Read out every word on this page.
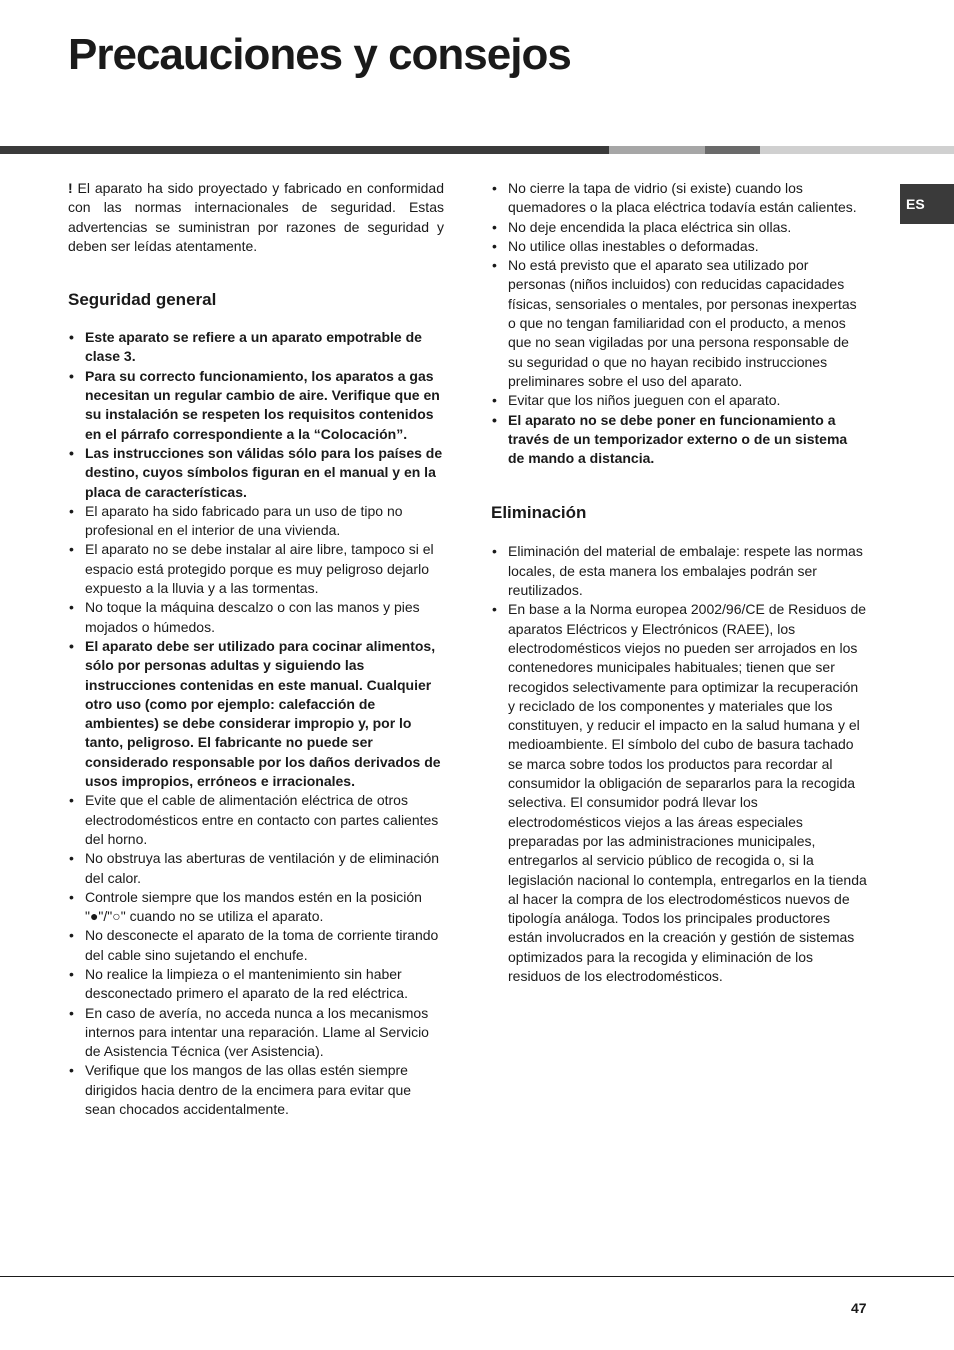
Precauciones y consejos
ES

! El aparato ha sido proyectado y fabricado en conformidad con las normas internacionales de seguridad. Estas advertencias se suministran por razones de seguridad y deben ser leídas atentamente.

Seguridad general
• Este aparato se refiere a un aparato empotrable de clase 3.
• Para su correcto funcionamiento, los aparatos a gas necesitan un regular cambio de aire. Verifique que en su instalación se respeten los requisitos contenidos en el párrafo correspondiente a la “Colocación”.
• Las instrucciones son válidas sólo para los países de destino, cuyos símbolos figuran en el manual y en la placa de características.
• El aparato ha sido fabricado para un uso de tipo no profesional en el interior de una vivienda.
• El aparato no se debe instalar al aire libre, tampoco si el espacio está protegido porque es muy peligroso dejarlo expuesto a la lluvia y a las tormentas.
• No toque la máquina descalzo o con las manos y pies mojados o húmedos.
• El aparato debe ser utilizado para cocinar alimentos, sólo por personas adultas y siguiendo las instrucciones contenidas en este manual. Cualquier otro uso (como por ejemplo: calefacción de ambientes) se debe considerar impropio y, por lo tanto, peligroso. El fabricante no puede ser considerado responsable por los daños derivados de usos impropios, erróneos e irracionales.
• Evite que el cable de alimentación eléctrica de otros electrodomésticos entre en contacto con partes calientes del horno.
• No obstruya las aberturas de ventilación y de eliminación del calor.
• Controle siempre que los mandos estén en la posición "●"/"○" cuando no se utiliza el aparato.
• No desconecte el aparato de la toma de corriente tirando del cable sino sujetando el enchufe.
• No realice la limpieza o el mantenimiento sin haber desconectado primero el aparato de la red eléctrica.
• En caso de avería, no acceda nunca a los mecanismos internos para intentar una reparación. Llame al Servicio de Asistencia Técnica (ver Asistencia).
• Verifique que los mangos de las ollas estén siempre dirigidos hacia dentro de la encimera para evitar que sean chocados accidentalmente.
• No cierre la tapa de vidrio (si existe) cuando los quemadores o la placa eléctrica todavía están calientes.
• No deje encendida la placa eléctrica sin ollas.
• No utilice ollas inestables o deformadas.
• No está previsto que el aparato sea utilizado por personas (niños incluidos) con reducidas capacidades físicas, sensoriales o mentales, por personas inexpertas o que no tengan familiaridad con el producto, a menos que no sean vigiladas por una persona responsable de su seguridad o que no hayan recibido instrucciones preliminares sobre el uso del aparato.
• Evitar que los niños jueguen con el aparato.
• El aparato no se debe poner en funcionamiento a través de un temporizador externo o de un sistema de mando a distancia.
Eliminación
• Eliminación del material de embalaje: respete las normas locales, de esta manera los embalajes podrán ser reutilizados.
• En base a la Norma europea 2002/96/CE de Residuos de aparatos Eléctricos y Electrónicos (RAEE), los electrodomésticos viejos no pueden ser arrojados en los contenedores municipales habituales; tienen que ser recogidos selectivamente para optimizar la recuperación y reciclado de los componentes y materiales que los constituyen, y reducir el impacto en la salud humana y el medioambiente. El símbolo del cubo de basura tachado se marca sobre todos los productos para recordar al consumidor la obligación de separarlos para la recogida selectiva. El consumidor podrá llevar los electrodomésticos viejos a las áreas especiales preparadas por las administraciones municipales, entregarlos al servicio público de recogida o, si la legislación nacional lo contempla, entregarlos en la tienda al hacer la compra de los electrodomésticos nuevos de tipología análoga. Todos los principales productores están involucrados en la creación y gestión de sistemas optimizados para la recogida y eliminación de los residuos de los electrodomésticos.
47
